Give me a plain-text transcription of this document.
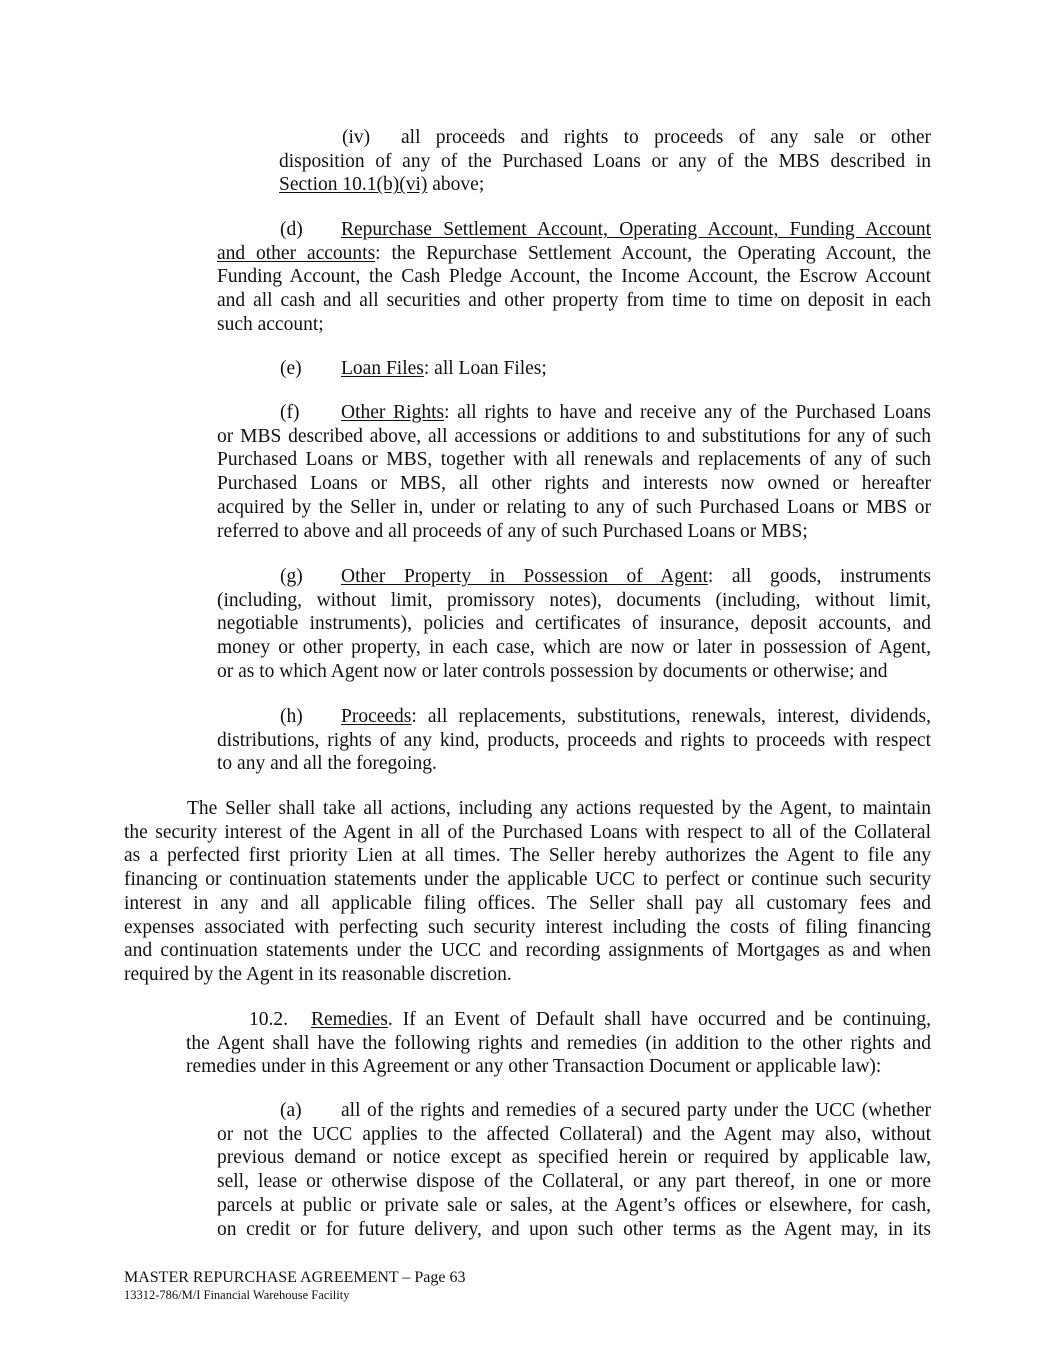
(iv) all proceeds and rights to proceeds of any sale or other
disposition of any of the Purchased Loans or any of the MBS described in
Section 10.1(b)(vi) above;
(d) Repurchase Settlement Account, Operating Account, Funding Account
and other accounts: the Repurchase Settlement Account, the Operating Account, the
Funding Account, the Cash Pledge Account, the Income Account, the Escrow Account
and all cash and all securities and other property from time to time on deposit in each
such account;
(e) Loan Files: all Loan Files;
(f) Other Rights: all rights to have and receive any of the Purchased Loans
or MBS described above, all accessions or additions to and substitutions for any of such
Purchased Loans or MBS, together with all renewals and replacements of any of such
Purchased Loans or MBS, all other rights and interests now owned or hereafter
acquired by the Seller in, under or relating to any of such Purchased Loans or MBS or
referred to above and all proceeds of any of such Purchased Loans or MBS;
(g) Other Property in Possession of Agent: all goods, instruments
(including, without limit, promissory notes), documents (including, without limit,
negotiable instruments), policies and certificates of insurance, deposit accounts, and
money or other property, in each case, which are now or later in possession of Agent,
or as to which Agent now or later controls possession by documents or otherwise; and
(h) Proceeds: all replacements, substitutions, renewals, interest, dividends,
distributions, rights of any kind, products, proceeds and rights to proceeds with respect
to any and all the foregoing.
The Seller shall take all actions, including any actions requested by the Agent, to maintain
the security interest of the Agent in all of the Purchased Loans with respect to all of the Collateral
as a perfected first priority Lien at all times. The Seller hereby authorizes the Agent to file any
financing or continuation statements under the applicable UCC to perfect or continue such security
interest in any and all applicable filing offices. The Seller shall pay all customary fees and
expenses associated with perfecting such security interest including the costs of filing financing
and continuation statements under the UCC and recording assignments of Mortgages as and when
required by the Agent in its reasonable discretion.
10.2. Remedies. If an Event of Default shall have occurred and be continuing,
the Agent shall have the following rights and remedies (in addition to the other rights and
remedies under in this Agreement or any other Transaction Document or applicable law):
(a) all of the rights and remedies of a secured party under the UCC (whether
or not the UCC applies to the affected Collateral) and the Agent may also, without
previous demand or notice except as specified herein or required by applicable law,
sell, lease or otherwise dispose of the Collateral, or any part thereof, in one or more
parcels at public or private sale or sales, at the Agent’s offices or elsewhere, for cash,
on credit or for future delivery, and upon such other terms as the Agent may, in its
MASTER REPURCHASE AGREEMENT – Page 63
13312-786/M/I Financial Warehouse Facility
